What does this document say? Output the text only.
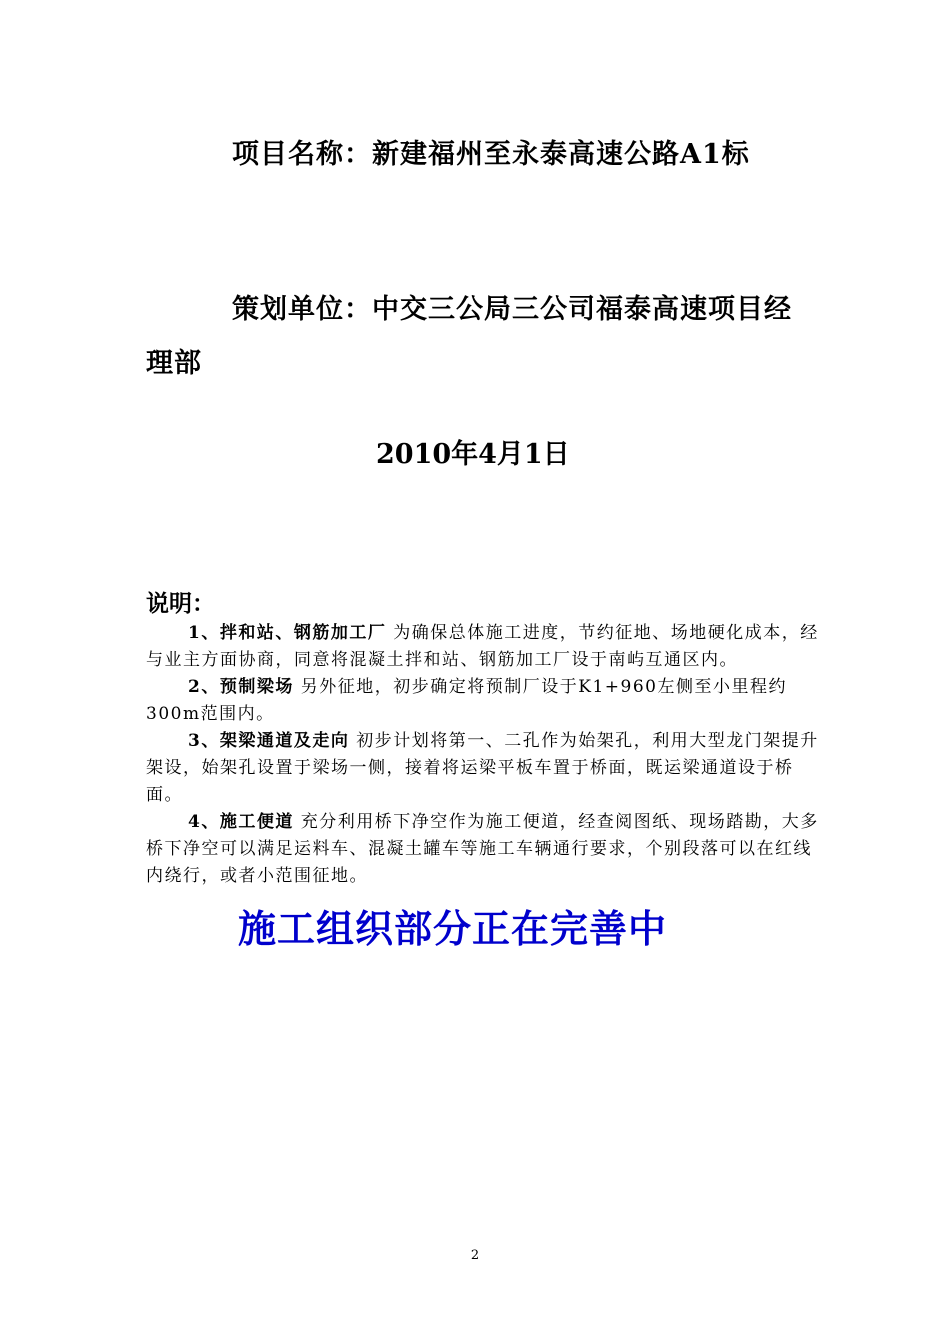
项目名称：新建福州至永泰高速公路A1标
策划单位：中交三公局三公司福泰高速项目经
理部
2010年4月1日
说明：

1、拌和站、钢筋加工厂 为确保总体施工进度，节约征地、场地硬化成本，经与业主方面协商，同意将混凝土拌和站、钢筋加工厂设于南屿互通区内。

2、预制梁场 另外征地，初步确定将预制厂设于K1+960左侧至小里程约300m范围内。

3、架梁通道及走向 初步计划将第一、二孔作为始架孔，利用大型龙门架提升架设，始架孔设置于梁场一侧，接着将运梁平板车置于桥面，既运梁通道设于桥面。

4、施工便道 充分利用桥下净空作为施工便道，经查阅图纸、现场踏勘，大多桥下净空可以满足运料车、混凝土罐车等施工车辆通行要求，个别段落可以在红线内绕行，或者小范围征地。

施工组织部分正在完善中
2
